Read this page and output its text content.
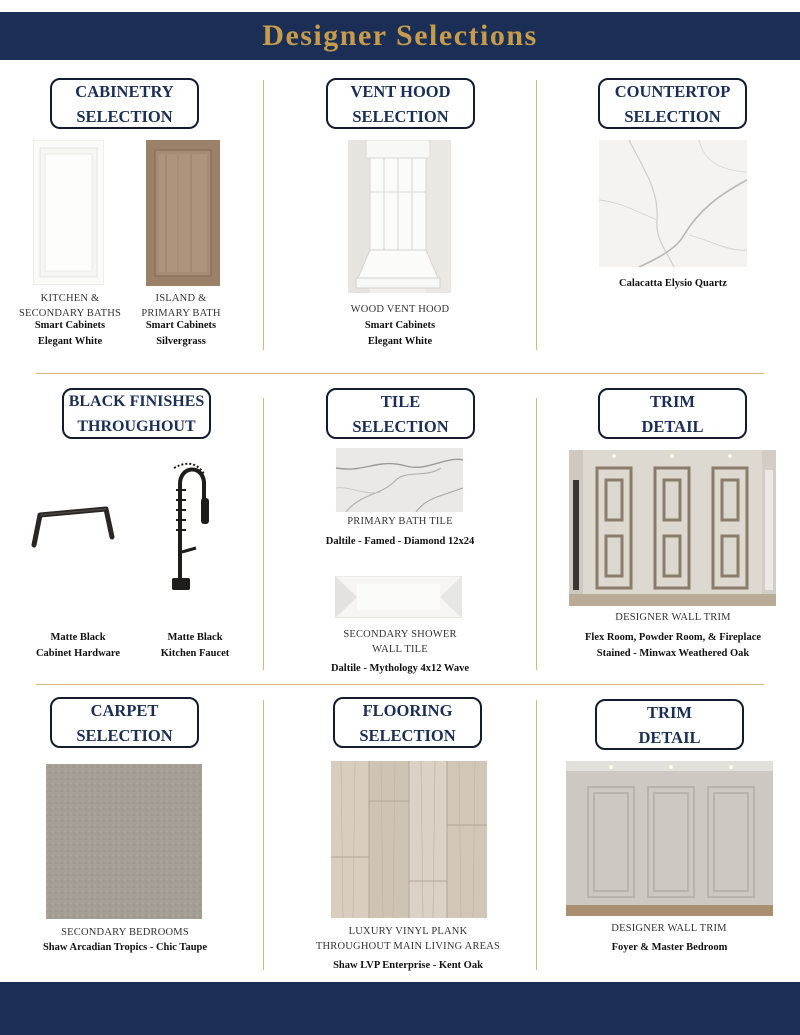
Designer Selections
CABINETRY
SELECTION
KITCHEN &
SECONDARY BATHS
Smart Cabinets
Elegant White
ISLAND &
PRIMARY BATH
Smart Cabinets
Silvergrass
VENT HOOD
SELECTION
WOOD VENT HOOD
Smart Cabinets
Elegant White
COUNTERTOP
SELECTION
Calacatta Elysio Quartz
BLACK FINISHES
THROUGHOUT
Matte Black
Cabinet Hardware
Matte Black
Kitchen Faucet
TILE
SELECTION
PRIMARY BATH TILE
Daltile - Famed - Diamond 12x24
SECONDARY SHOWER
WALL TILE
Daltile - Mythology 4x12 Wave
TRIM
DETAIL
DESIGNER WALL TRIM
Flex Room, Powder Room, & Fireplace
Stained - Minwax Weathered Oak
CARPET
SELECTION
SECONDARY BEDROOMS
Shaw Arcadian Tropics - Chic Taupe
FLOORING
SELECTION
LUXURY VINYL PLANK
THROUGHOUT MAIN LIVING AREAS
Shaw LVP Enterprise - Kent Oak
TRIM
DETAIL
DESIGNER WALL TRIM
Foyer & Master Bedroom
